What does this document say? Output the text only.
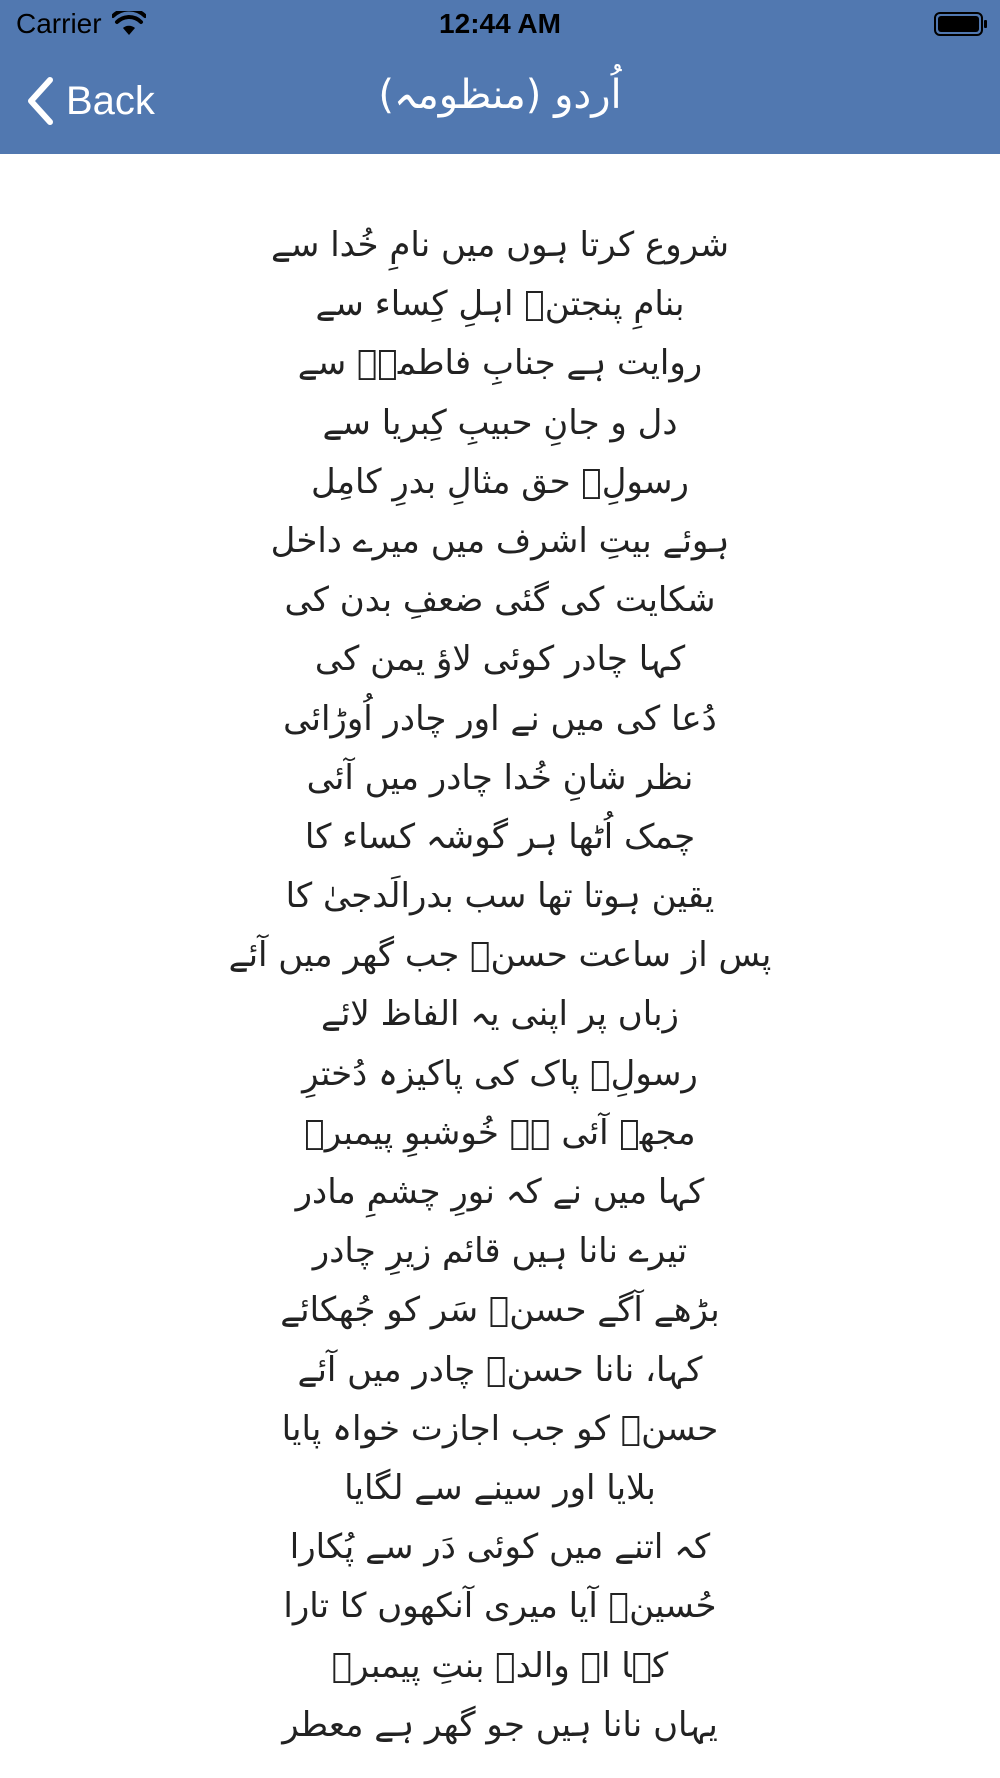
Carrier	12:44 AM
Back	اُردو (منظومہ)
شروع کرتا ہوں میں نامِ خُدا سے
بنامِ پنجتنؑ اہلِ کِساء سے
روایت ہے جنابِ فاطمہؑ سے
دل و جانِ حبیبِ کِبریا سے
رسولِؐ حق مثالِ بدرِ کامِل
ہوئے بیتِ اشرف میں میرے داخل
شکایت کی گئی ضعفِ بدن کی
کہا چادر کوئی لاؤ یمن کی
دُعا کی میں نے اور چادر اُوڑائی
نظر شانِ خُدا چادر میں آئی
چمک اُٹھا ہر گوشہ کساء کا
یقین ہوتا تھا سب بدرالَدجیٰ کا
پس از ساعت حسنؑ جب گھر میں آئے
زباں پر اپنی یہ الفاظ لائے
رسولِؐ پاک کی پاکیزہ دُخترِ
مجھے آئی ہے خُوشبوِ پیمبرؐ
کہا میں نے کہ نورِ چشمِ مادر
تیرے نانا ہیں قائم زیرِ چادر
بڑھے آگے حسنؑ سَر کو جُھکائے
کہا، نانا حسنؑ چادر میں آئے
حسنؑ کو جب اجازت خواہ پایا
بلایا اور سینے سے لگایا
کہ اتنے میں کوئی دَر سے پُکارا
حُسینؑ آیا میری آنکھوں کا تارا
کہا اے والدہ بنتِ پیمبرؐ
یہاں نانا ہیں جو گھر ہے معطر
